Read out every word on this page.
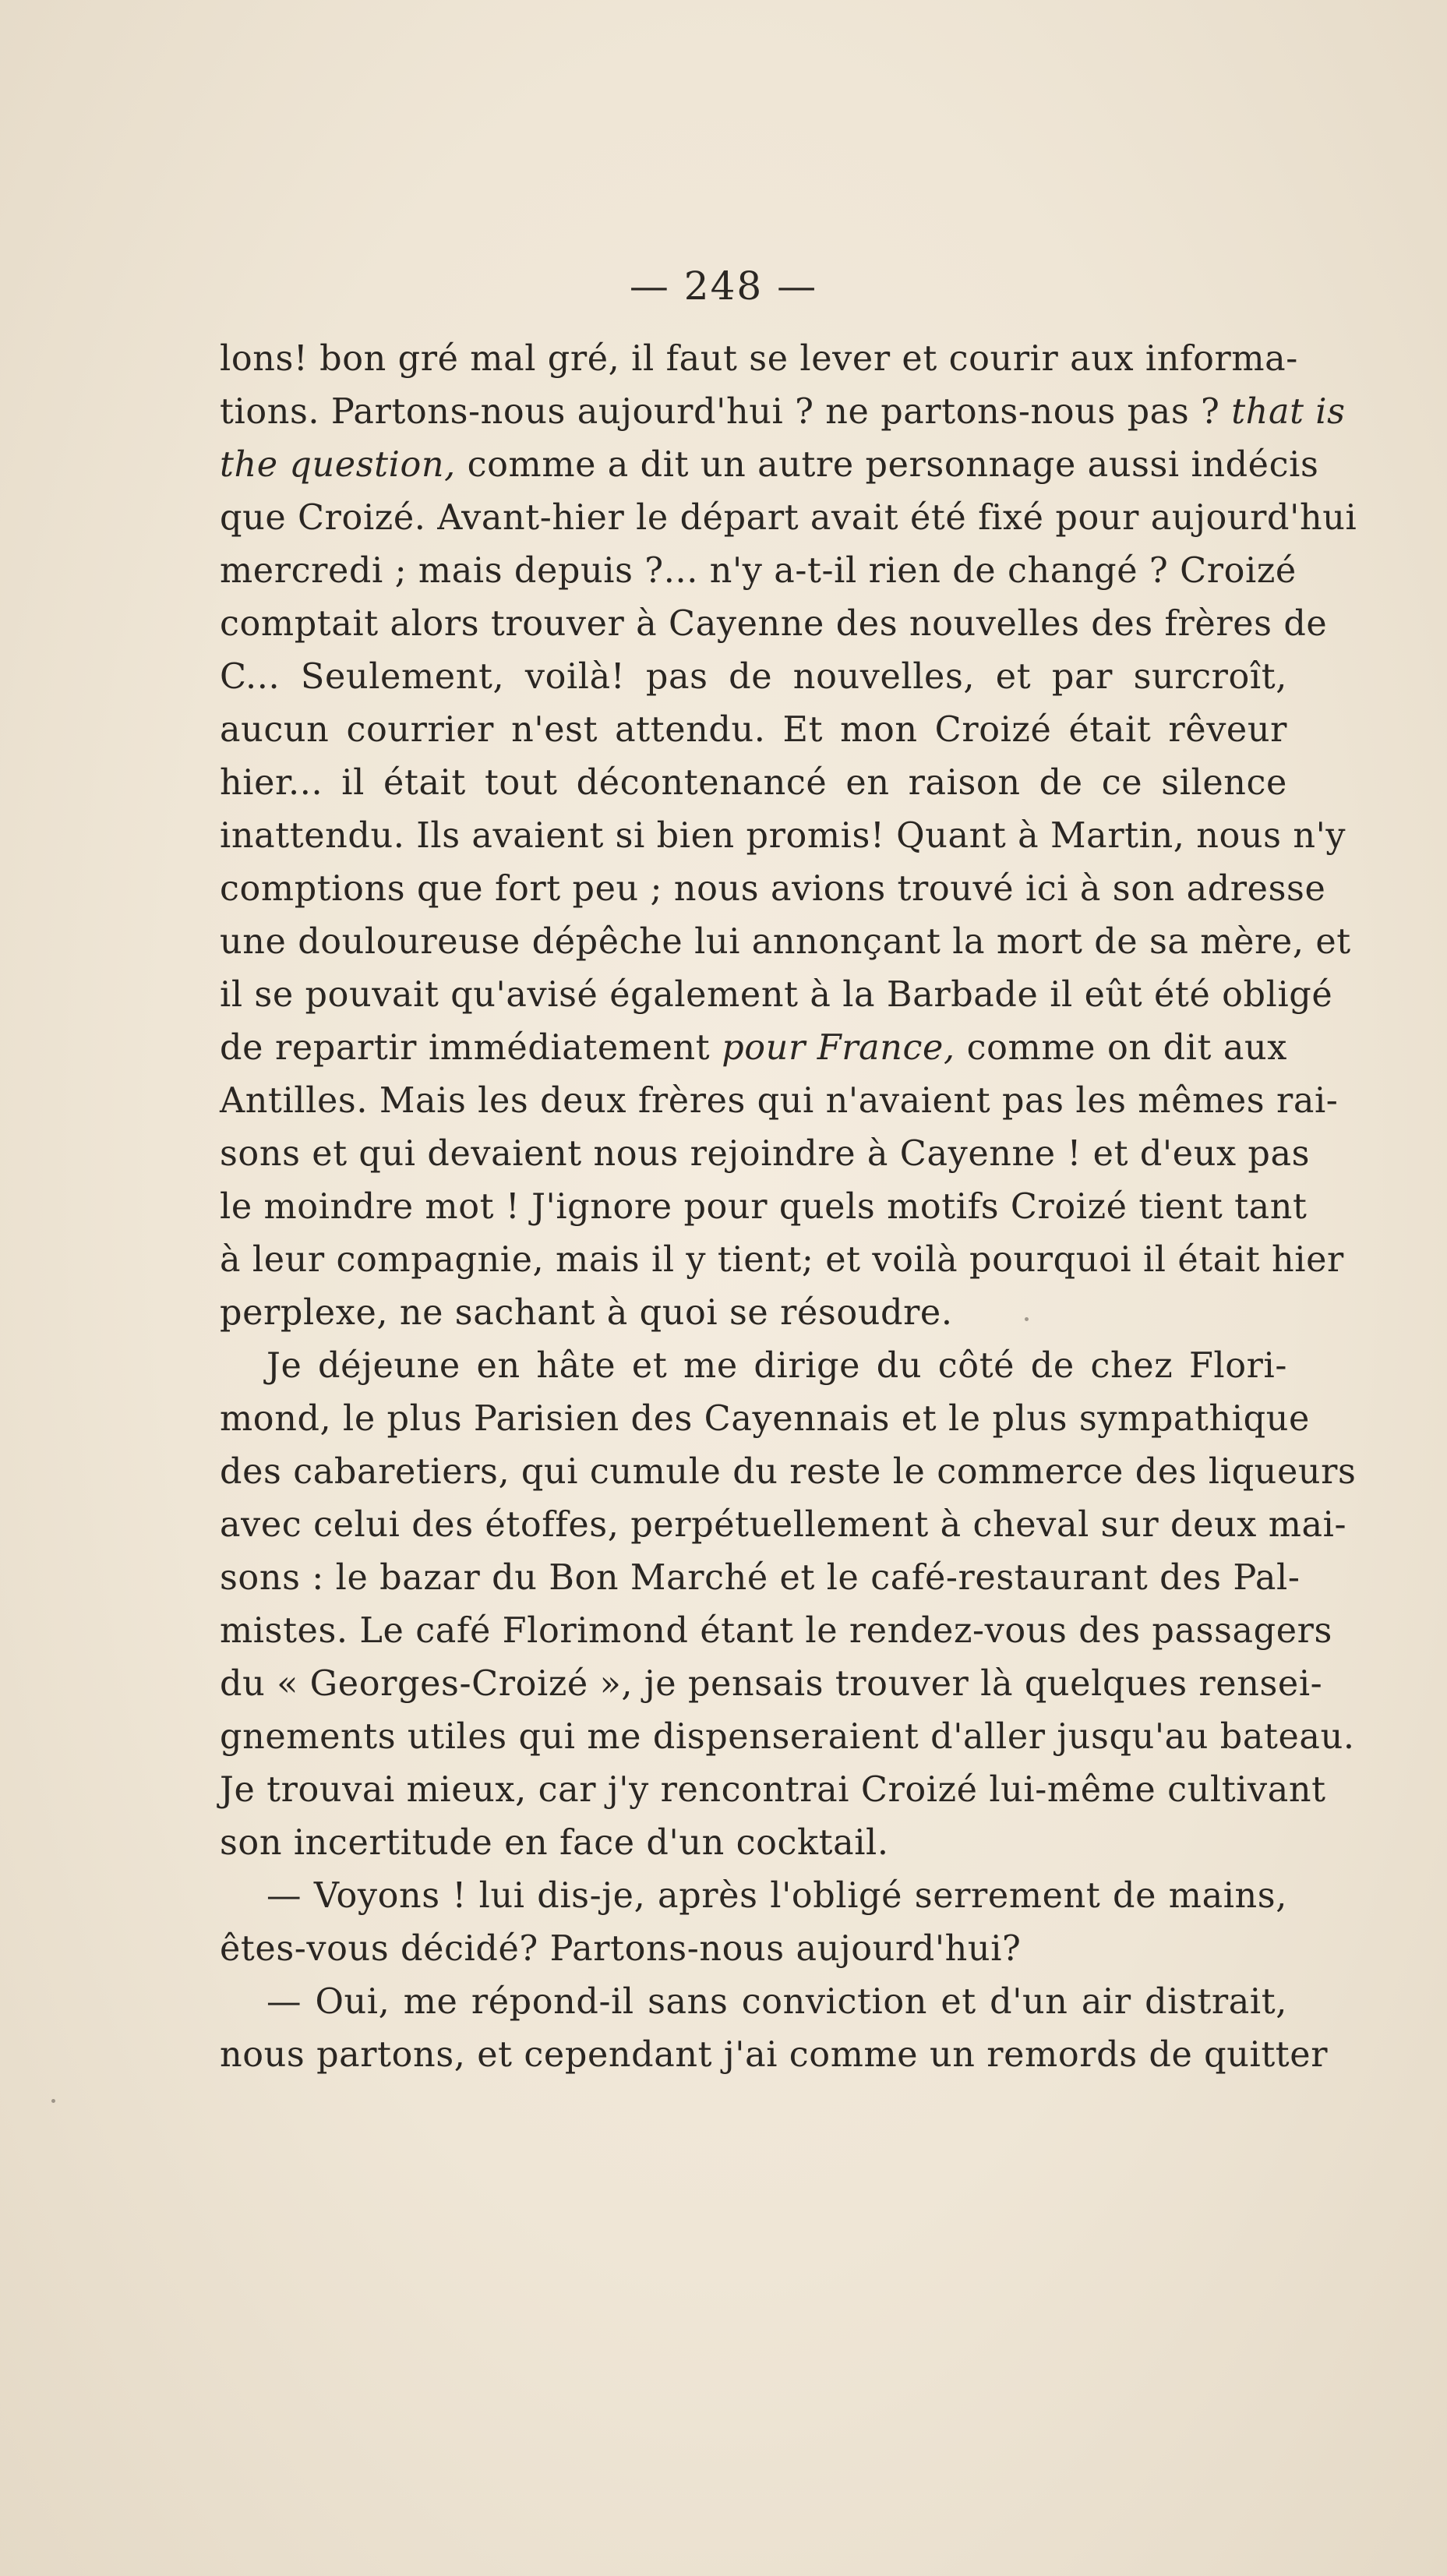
— 248 —
lons! bon gré mal gré, il faut se lever et courir aux informa-
tions. Partons-nous aujourd'hui ? ne partons-nous pas ? that is
the question, comme a dit un autre personnage aussi indécis
que Croizé. Avant-hier le départ avait été fixé pour aujourd'hui
mercredi ; mais depuis ?... n'y a-t-il rien de changé ? Croizé
comptait alors trouver à Cayenne des nouvelles des frères de
C... Seulement, voilà! pas de nouvelles, et par surcroît,
aucun courrier n'est attendu. Et mon Croizé était rêveur
hier... il était tout décontenancé en raison de ce silence
inattendu. Ils avaient si bien promis! Quant à Martin, nous n'y
comptions que fort peu ; nous avions trouvé ici à son adresse
une douloureuse dépêche lui annonçant la mort de sa mère, et
il se pouvait qu'avisé également à la Barbade il eût été obligé
de repartir immédiatement pour France, comme on dit aux
Antilles. Mais les deux frères qui n'avaient pas les mêmes rai-
sons et qui devaient nous rejoindre à Cayenne ! et d'eux pas
le moindre mot ! J'ignore pour quels motifs Croizé tient tant
à leur compagnie, mais il y tient; et voilà pourquoi il était hier
perplexe, ne sachant à quoi se résoudre.
Je déjeune en hâte et me dirige du côté de chez Flori-
mond, le plus Parisien des Cayennais et le plus sympathique
des cabaretiers, qui cumule du reste le commerce des liqueurs
avec celui des étoffes, perpétuellement à cheval sur deux mai-
sons : le bazar du Bon Marché et le café-restaurant des Pal-
mistes. Le café Florimond étant le rendez-vous des passagers
du « Georges-Croizé », je pensais trouver là quelques rensei-
gnements utiles qui me dispenseraient d'aller jusqu'au bateau.
Je trouvai mieux, car j'y rencontrai Croizé lui-même cultivant
son incertitude en face d'un cocktail.
— Voyons ! lui dis-je, après l'obligé serrement de mains,
êtes-vous décidé? Partons-nous aujourd'hui?
— Oui, me répond-il sans conviction et d'un air distrait,
nous partons, et cependant j'ai comme un remords de quitter
